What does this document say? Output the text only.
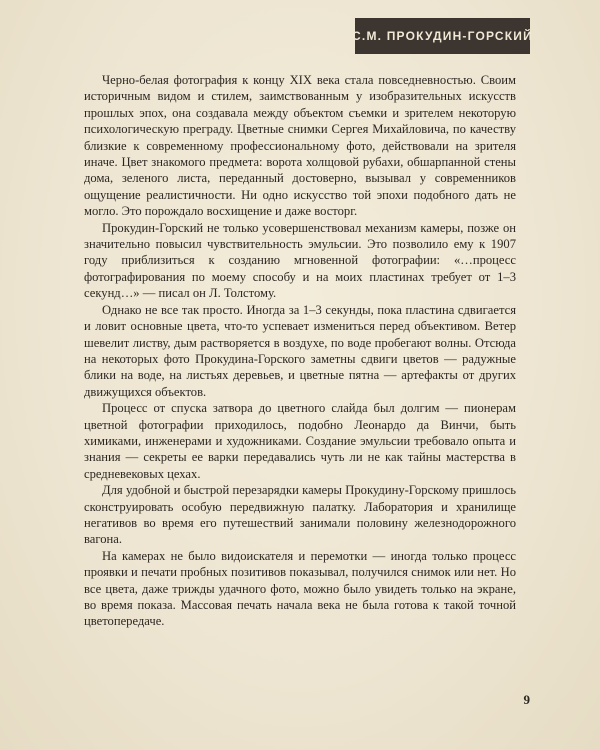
С.М. ПРОКУДИН-ГОРСКИЙ

Черно-белая фотография к концу XIX века стала повседневностью. Своим историчным видом и стилем, заимствованным у изобразительных искусств прошлых эпох, она создавала между объектом съемки и зрителем некоторую психологическую преграду. Цветные снимки Сергея Михайловича, по качеству близкие к современному профессиональному фото, действовали на зрителя иначе. Цвет знакомого предмета: ворота холщовой рубахи, обшарпанной стены дома, зеленого листа, переданный достоверно, вызывал у современников ощущение реалистичности. Ни одно искусство той эпохи подобного дать не могло. Это порождало восхищение и даже восторг.

Прокудин-Горский не только усовершенствовал механизм камеры, позже он значительно повысил чувствительность эмульсии. Это позволило ему к 1907 году приблизиться к созданию мгновенной фотографии: «…процесс фотографирования по моему способу и на моих пластинах требует от 1–3 секунд…» — писал он Л. Толстому.

Однако не все так просто. Иногда за 1–3 секунды, пока пластина сдвигается и ловит основные цвета, что-то успевает измениться перед объективом. Ветер шевелит листву, дым растворяется в воздухе, по воде пробегают волны. Отсюда на некоторых фото Прокудина-Горского заметны сдвиги цветов — радужные блики на воде, на листьях деревьев, и цветные пятна — артефакты от других движущихся объектов.

Процесс от спуска затвора до цветного слайда был долгим — пионерам цветной фотографии приходилось, подобно Леонардо да Винчи, быть химиками, инженерами и художниками. Создание эмульсии требовало опыта и знания — секреты ее варки передавались чуть ли не как тайны мастерства в средневековых цехах.

Для удобной и быстрой перезарядки камеры Прокудину-Горскому пришлось сконструировать особую передвижную палатку. Лаборатория и хранилище негативов во время его путешествий занимали половину железнодорожного вагона.

На камерах не было видоискателя и перемотки — иногда только процесс проявки и печати пробных позитивов показывал, получился снимок или нет. Но все цвета, даже трижды удачного фото, можно было увидеть только на экране, во время показа. Массовая печать начала века не была готова к такой точной цветопередаче.

9
